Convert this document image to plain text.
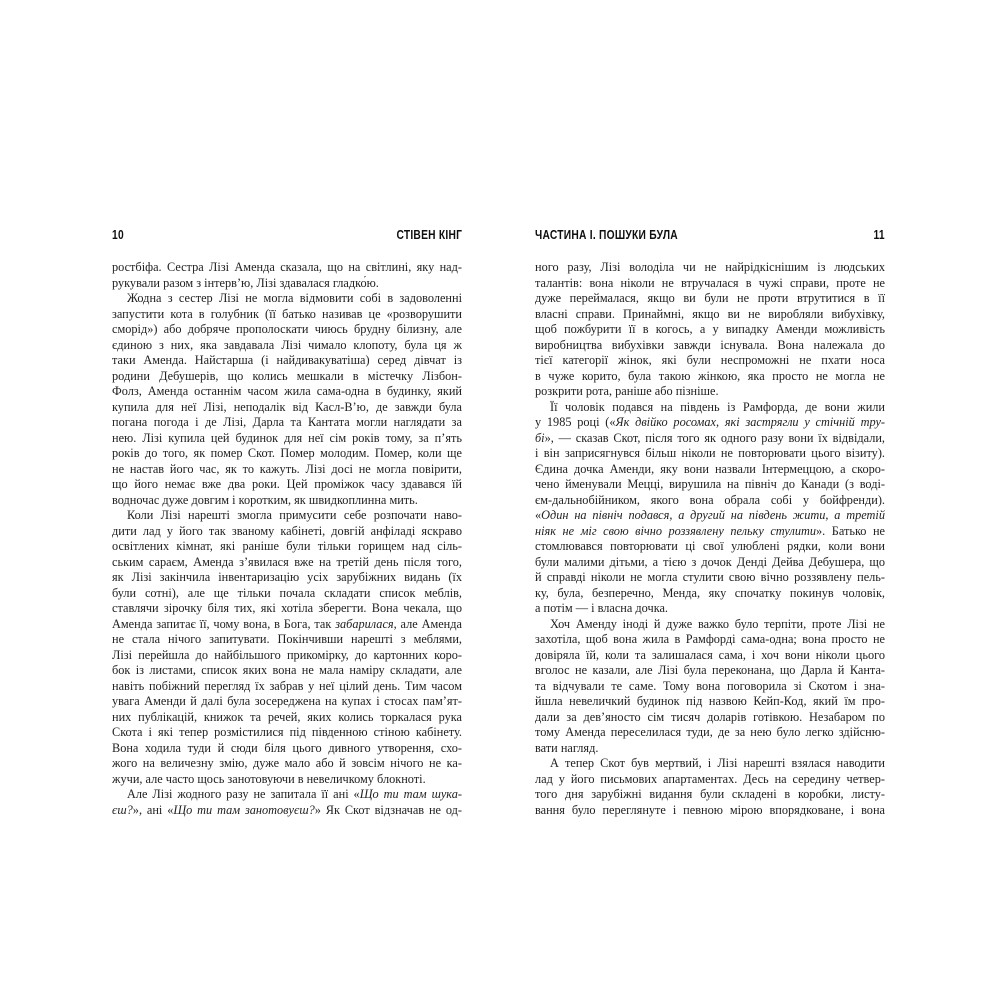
10	СТІВЕН КІНГ
ростбіфа. Сестра Лізі Аменда сказала, що на світлині, яку над-
рукували разом з інтерв’ю, Лізі здавалася гладко́ю.
Жодна з сестер Лізі не могла відмовити собі в задоволенні
запустити кота в голубник (її батько називав це «розворушити
сморід») або добряче прополоскати чиюсь брудну білизну, але
єдиною з них, яка завдавала Лізі чимало клопоту, була ця ж
таки Аменда. Найстарша (і найдивакуватіша) серед дівчат із
родини Дебушерів, що колись мешкали в містечку Лізбон-
Фолз, Аменда останнім часом жила сама-одна в будинку, який
купила для неї Лізі, неподалік від Касл-В’ю, де завжди була
погана погода і де Лізі, Дарла та Кантата могли наглядати за
нею. Лізі купила цей будинок для неї сім років тому, за п’ять
років до того, як помер Скот. Помер молодим. Помер, коли ще
не настав його час, як то кажуть. Лізі досі не могла повірити,
що його немає вже два роки. Цей проміжок часу здавався їй
водночас дуже довгим і коротким, як швидкоплинна мить.
Коли Лізі нарешті змогла примусити себе розпочати наво-
дити лад у його так званому кабінеті, довгій анфіладі яскраво
освітлених кімнат, які раніше були тільки горищем над сіль-
ським сараєм, Аменда з’явилася вже на третій день після того,
як Лізі закінчила інвентаризацію усіх зарубіжних видань (їх
були сотні), але ще тільки почала складати список меблів,
ставлячи зірочку біля тих, які хотіла зберегти. Вона чекала, що
Аменда запитає її, чому вона, в Бога, так забарилася, але Аменда
не стала нічого запитувати. Покінчивши нарешті з меблями,
Лізі перейшла до найбільшого прикомірку, до картонних коро-
бок із листами, список яких вона не мала наміру складати, але
навіть побіжний перегляд їх забрав у неї цілий день. Тим часом
увага Аменди й далі була зосереджена на купах і стосах пам’ят-
них публікацій, книжок та речей, яких колись торкалася рука
Скота і які тепер розмістилися під південною стіною кабінету.
Вона ходила туди й сюди біля цього дивного утворення, схо-
жого на величезну змію, дуже мало або й зовсім нічого не ка-
жучи, але часто щось занотовуючи в невеличкому блокноті.
Але Лізі жодного разу не запитала її ані «Що ти там шука-
єш?», ані «Що ти там занотовуєш?» Як Скот відзначав не од-
ЧАСТИНА І. ПОШУКИ БУЛА	11
ного разу, Лізі володіла чи не найрідкіснішим із людських
талантів: вона ніколи не втручалася в чужі справи, проте не
дуже переймалася, якщо ви були не проти втрутитися в її
власні справи. Принаймні, якщо ви не виробляли вибухівку,
щоб пожбурити її в когось, а у випадку Аменди можливість
виробництва вибухівки завжди існувала. Вона належала до
тієї категорії жінок, які були неспроможні не пхати носа
в чуже корито, була такою жінкою, яка просто не могла не
розкрити рота, раніше або пізніше.
Її чоловік подався на південь із Рамфорда, де вони жили
у 1985 році («Як двійко росомах, які застрягли у стічній тру-
бі», — сказав Скот, після того як одного разу вони їх відвідали,
і він заприсягнувся більш ніколи не повторювати цього візиту).
Єдина дочка Аменди, яку вони назвали Інтермеццою, а скоро-
чено йменували Мецці, вирушила на північ до Канади (з воді-
єм-дальнобійником, якого вона обрала собі у бойфренди).
«Один на північ подався, а другий на південь жити, а третій
ніяк не міг свою вічно роззявлену пельку стулити». Батько не
стомлювався повторювати ці свої улюблені рядки, коли вони
були малими дітьми, а тією з дочок Денді Дейва Дебушера, що
й справді ніколи не могла стулити свою вічно роззявлену пель-
ку, була, безперечно, Менда, яку спочатку покинув чоловік,
а потім — і власна дочка.
Хоч Аменду іноді й дуже важко було терпіти, проте Лізі не
захотіла, щоб вона жила в Рамфорді сама-одна; вона просто не
довіряла їй, коли та залишалася сама, і хоч вони ніколи цього
вголос не казали, але Лізі була переконана, що Дарла й Канта-
та відчували те саме. Тому вона поговорила зі Скотом і зна-
йшла невеличкий будинок під назвою Кейп-Код, який їм про-
дали за дев’яносто сім тисяч доларів готівкою. Незабаром по
тому Аменда переселилася туди, де за нею було легко здійсню-
вати нагляд.
А тепер Скот був мертвий, і Лізі нарешті взялася наводити
лад у його письмових апартаментах. Десь на середину четвер-
того дня зарубіжні видання були складені в коробки, листу-
вання було переглянуте і певною мірою впорядковане, і вона
